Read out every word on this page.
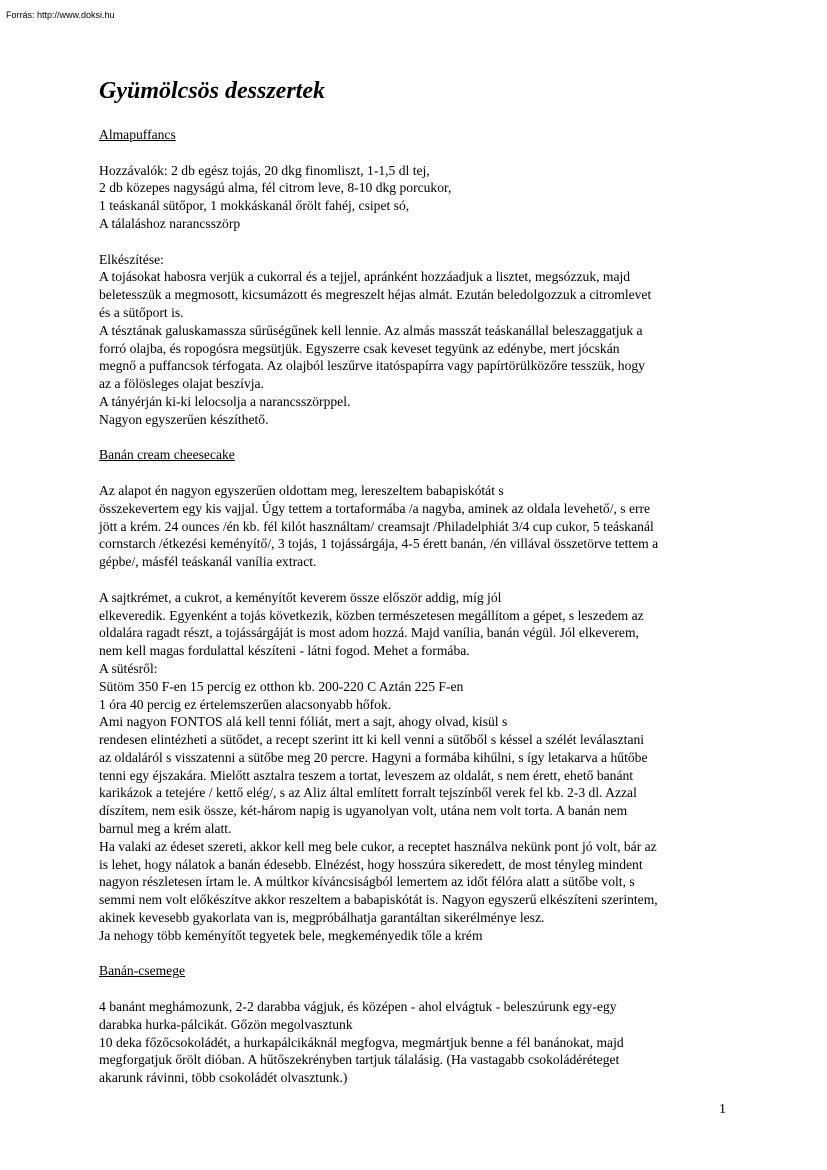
Forrás: http://www.doksi.hu
Gyümölcsös desszertek
Almapuffancs
Hozzávalók: 2 db egész tojás, 20 dkg finomliszt, 1-1,5 dl tej,
2 db közepes nagyságú alma, fél citrom leve, 8-10 dkg porcukor,
1 teáskanál sütőpor, 1 mokkáskanál őrölt fahéj, csipet só,
A tálaláshoz narancsszörp
Elkészítése:
A tojásokat habosra verjük a cukorral és a tejjel, apránként hozzáadjuk a lisztet, megsózzuk, majd
beletesszük a megmosott, kicsumázott és megreszelt héjas almát. Ezután beledolgozzuk a citromlevet
és a sütőport is.
A tésztának galuskamassza sűrűségűnek kell lennie. Az almás masszát teáskanállal beleszaggatjuk a
forró olajba, és ropogósra megsütjük. Egyszerre csak keveset tegyünk az edénybe, mert jócskán
megnő a puffancsok térfogata. Az olajból leszűrve itatóspapírra vagy papírtörülközőre tesszük, hogy
az a fölösleges olajat beszívja.
A tányérján ki-ki lelocsolja a narancsszörppel.
Nagyon egyszerűen készíthető.
Banán cream cheesecake
Az alapot én nagyon egyszerűen oldottam meg, lereszeltem babapiskótát s
összekevertem egy kis vajjal. Úgy tettem a tortaformába /a nagyba, aminek az oldala levehető/, s erre
jött a krém. 24 ounces /én kb. fél kilót használtam/ creamsajt /Philadelphiát 3/4 cup cukor, 5 teáskanál
cornstarch /étkezési keményítő/, 3 tojás, 1 tojássárgája, 4-5 érett banán, /én villával összetörve tettem a
gépbe/, másfél teáskanál vanília extract.
A sajtkrémet, a cukrot, a keményítőt keverem össze először addig, míg jól
elkeveredik. Egyenként a tojás következik, közben természetesen megállítom a gépet, s leszedem az
oldalára ragadt részt, a tojássárgáját is most adom hozzá. Majd vanília, banán végül. Jól elkeverem,
nem kell magas fordulattal készíteni - látni fogod. Mehet a formába.
A sütésről:
Sütöm 350 F-en 15 percig ez otthon kb. 200-220 C Aztán 225 F-en
1 óra 40 percig ez értelemszerűen alacsonyabb hőfok.
Ami nagyon FONTOS alá kell tenni fóliát, mert a sajt, ahogy olvad, kisül s
rendesen elintézheti a sütődet, a recept szerint itt ki kell venni a sütőből s késsel a szélét leválasztani
az oldaláról s visszatenni a sütőbe meg 20 percre. Hagyni a formába kihűlni, s így letakarva a hűtőbe
tenni egy éjszakára. Mielőtt asztalra teszem a tortat, leveszem az oldalát, s nem érett, ehető banánt
karikázok a tetejére / kettő elég/, s az Aliz által említett forralt tejszínből verek fel kb. 2-3 dl. Azzal
díszítem, nem esik össze, két-három napig is ugyanolyan volt, utána nem volt torta. A banán nem
barnul meg a krém alatt.
Ha valaki az édeset szereti, akkor kell meg bele cukor, a receptet használva nekünk pont jó volt, bár az
is lehet, hogy nálatok a banán édesebb. Elnézést, hogy hosszúra sikeredett, de most tényleg mindent
nagyon részletesen írtam le. A múltkor kíváncsiságból lemertem az időt félóra alatt a sütőbe volt, s
semmi nem volt előkészítve akkor reszeltem a babapiskótát is. Nagyon egyszerű elkészíteni szerintem,
akinek kevesebb gyakorlata van is, megpróbálhatja garantáltan sikerélménye lesz.
Ja nehogy több keményítőt tegyetek bele, megkeményedik tőle a krém
Banán-csemege
4 banánt meghámozunk, 2-2 darabba vágjuk, és középen - ahol elvágtuk - beleszúrunk egy-egy
darabka hurka-pálcikát. Gőzön megolvasztunk
10 deka főzőcsokoládét, a hurkapálcikáknál megfogva, megmártjuk benne a fél banánokat, majd
megforgatjuk őrölt dióban. A hűtőszekrényben tartjuk tálalásig. (Ha vastagabb csokoládéréteget
akarunk rávinni, több csokoládét olvasztunk.)
1
